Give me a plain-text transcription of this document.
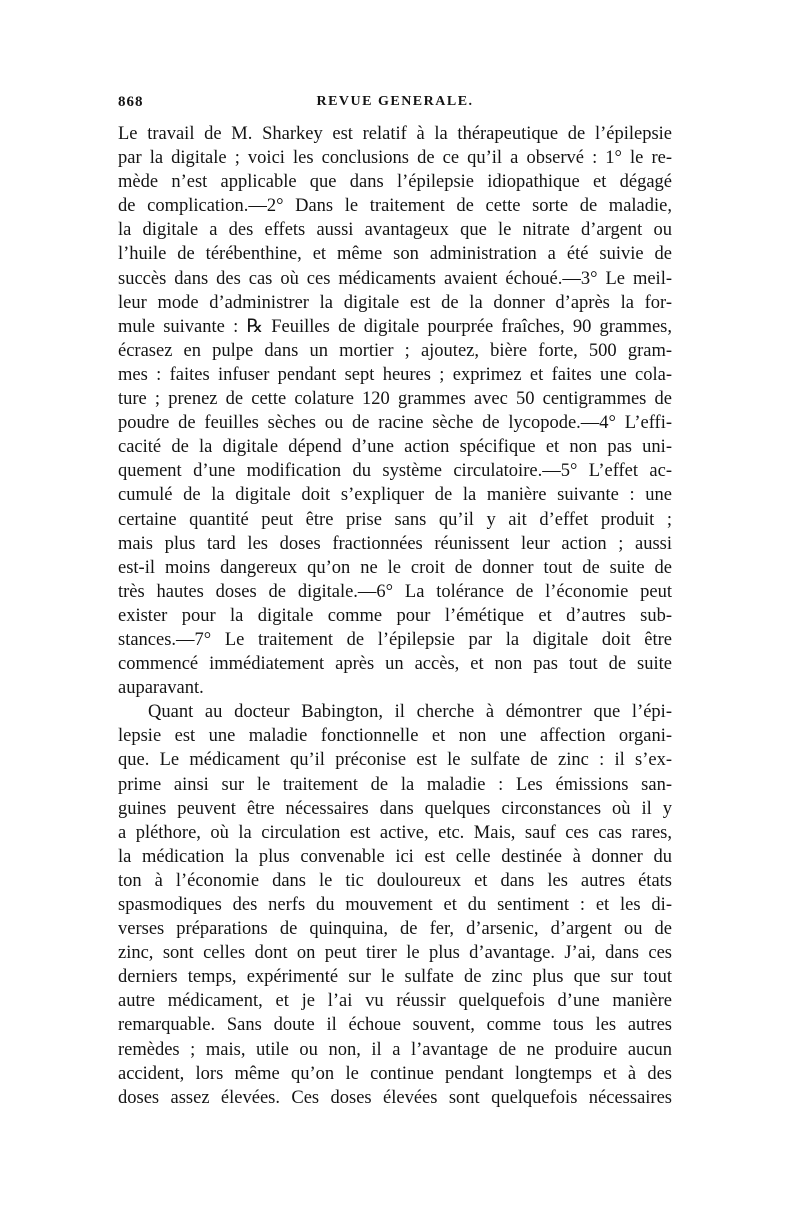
868	REVUE GENERALE.
Le travail de M. Sharkey est relatif à la thérapeutique de l’épilepsie
par la digitale ; voici les conclusions de ce qu’il a observé : 1° le re-
mède n’est applicable que dans l’épilepsie idiopathique et dégagé
de complication.—2° Dans le traitement de cette sorte de maladie,
la digitale a des effets aussi avantageux que le nitrate d’argent ou
l’huile de térébenthine, et même son administration a été suivie de
succès dans des cas où ces médicaments avaient échoué.—3° Le meil-
leur mode d’administrer la digitale est de la donner d’après la for-
mule suivante : ℞ Feuilles de digitale pourprée fraîches, 90 grammes,
écrasez en pulpe dans un mortier ; ajoutez, bière forte, 500 gram-
mes : faites infuser pendant sept heures ; exprimez et faites une cola-
ture ; prenez de cette colature 120 grammes avec 50 centigrammes de
poudre de feuilles sèches ou de racine sèche de lycopode.—4° L’effi-
cacité de la digitale dépend d’une action spécifique et non pas uni-
quement d’une modification du système circulatoire.—5° L’effet ac-
cumulé de la digitale doit s’expliquer de la manière suivante : une
certaine quantité peut être prise sans qu’il y ait d’effet produit ;
mais plus tard les doses fractionnées réunissent leur action ; aussi
est-il moins dangereux qu’on ne le croit de donner tout de suite de
très hautes doses de digitale.—6° La tolérance de l’économie peut
exister pour la digitale comme pour l’émétique et d’autres sub-
stances.—7° Le traitement de l’épilepsie par la digitale doit être
commencé immédiatement après un accès, et non pas tout de suite
auparavant.
Quant au docteur Babington, il cherche à démontrer que l’épi-
lepsie est une maladie fonctionnelle et non une affection organi-
que. Le médicament qu’il préconise est le sulfate de zinc : il s’ex-
prime ainsi sur le traitement de la maladie : Les émissions san-
guines peuvent être nécessaires dans quelques circonstances où il y
a pléthore, où la circulation est active, etc. Mais, sauf ces cas rares,
la médication la plus convenable ici est celle destinée à donner du
ton à l’économie dans le tic douloureux et dans les autres états
spasmodiques des nerfs du mouvement et du sentiment : et les di-
verses préparations de quinquina, de fer, d’arsenic, d’argent ou de
zinc, sont celles dont on peut tirer le plus d’avantage. J’ai, dans ces
derniers temps, expérimenté sur le sulfate de zinc plus que sur tout
autre médicament, et je l’ai vu réussir quelquefois d’une manière
remarquable. Sans doute il échoue souvent, comme tous les autres
remèdes ; mais, utile ou non, il a l’avantage de ne produire aucun
accident, lors même qu’on le continue pendant longtemps et à des
doses assez élevées. Ces doses élevées sont quelquefois nécessaires
